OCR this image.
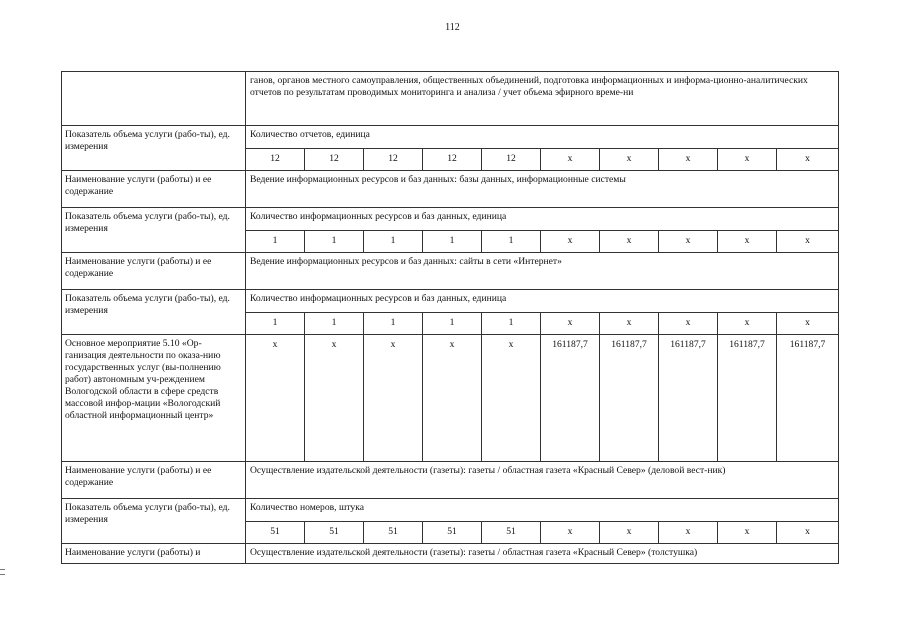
112
	ганов, органов местного самоуправления, общественных объединений, подготовка информационных и информа-ционно-аналитических отчетов по результатам проводимых мониторинга и анализа / учет объема эфирного време-ни									
Показатель объема услуги (рабо-ты), ед. измерения	Количество отчетов, единица									
	12	12	12	12	12	x	x	x	x	x
Наименование услуги (работы) и ее содержание	Ведение информационных ресурсов и баз данных: базы данных, информационные системы									
Показатель объема услуги (рабо-ты), ед. измерения	Количество информационных ресурсов и баз данных, единица									
	1	1	1	1	1	x	x	x	x	x
Наименование услуги (работы) и ее содержание	Ведение информационных ресурсов и баз данных: сайты в сети «Интернет»									
Показатель объема услуги (рабо-ты), ед. измерения	Количество информационных ресурсов и баз данных, единица									
	1	1	1	1	1	x	x	x	x	x
Основное мероприятие 5.10 «Ор-ганизация деятельности по оказа-нию государственных услуг (вы-полнению работ) автономным уч-реждением Вологодской области в сфере средств массовой инфор-мации «Вологодский областной информационный центр»	x	x	x	x	x	161187,7	161187,7	161187,7	161187,7	161187,7
Наименование услуги (работы) и ее содержание	Осуществление издательской деятельности (газеты): газеты / областная газета «Красный Север» (деловой вест-ник)									
Показатель объема услуги (рабо-ты), ед. измерения	Количество номеров, штука									
	51	51	51	51	51	x	x	x	x	x
Наименование услуги (работы) и	Осуществление издательской деятельности (газеты): газеты / областная газета «Красный Север» (толстушка)									
